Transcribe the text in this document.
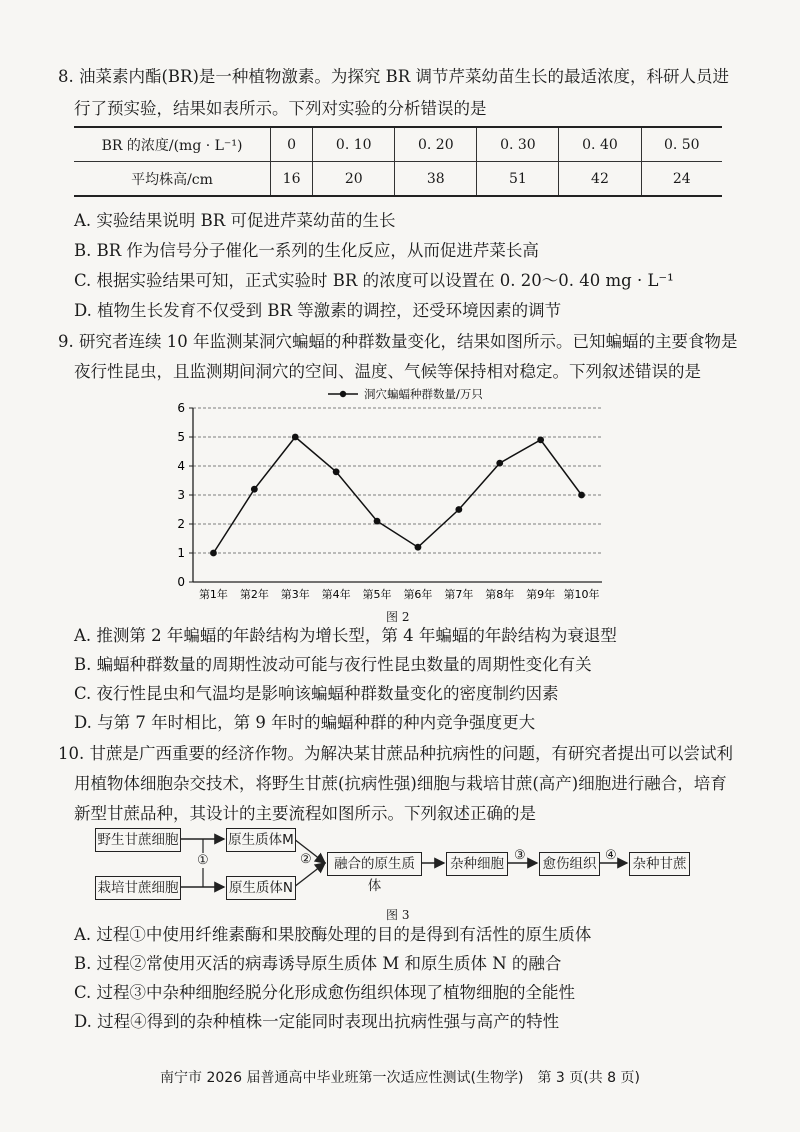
8. 油菜素内酯(BR)是一种植物激素。为探究 BR 调节芹菜幼苗生长的最适浓度，科研人员进
行了预实验，结果如表所示。下列对实验的分析错误的是
BR 的浓度/(mg · L⁻¹)	0	0. 10	0. 20	0. 30	0. 40	0. 50
平均株高/cm	16	20	38	51	42	24
A. 实验结果说明 BR 可促进芹菜幼苗的生长
B. BR 作为信号分子催化一系列的生化反应，从而促进芹菜长高
C. 根据实验结果可知，正式实验时 BR 的浓度可以设置在 0. 20～0. 40 mg · L⁻¹
D. 植物生长发育不仅受到 BR 等激素的调控，还受环境因素的调节
9. 研究者连续 10 年监测某洞穴蝙蝠的种群数量变化，结果如图所示。已知蝙蝠的主要食物是
夜行性昆虫，且监测期间洞穴的空间、温度、气候等保持相对稳定。下列叙述错误的是
0
1
2
3
4
5
6
第1年 第2年 第3年 第4年 第5年 第6年 第7年 第8年 第9年 第10年
洞穴蝙蝠种群数量/万只
图 2
A. 推测第 2 年蝙蝠的年龄结构为增长型，第 4 年蝙蝠的年龄结构为衰退型
B. 蝙蝠种群数量的周期性波动可能与夜行性昆虫数量的周期性变化有关
C. 夜行性昆虫和气温均是影响该蝙蝠种群数量变化的密度制约因素
D. 与第 7 年时相比，第 9 年时的蝙蝠种群的种内竞争强度更大
10. 甘蔗是广西重要的经济作物。为解决某甘蔗品种抗病性的问题，有研究者提出可以尝试利
用植物体细胞杂交技术，将野生甘蔗(抗病性强)细胞与栽培甘蔗(高产)细胞进行融合，培育
新型甘蔗品种，其设计的主要流程如图所示。下列叙述正确的是
野生甘蔗细胞
栽培甘蔗细胞
原生质体M
原生质体N
融合的原生质体
杂种细胞	愈伤组织	杂种甘蔗
①	②	③	④
图 3
A. 过程①中使用纤维素酶和果胶酶处理的目的是得到有活性的原生质体
B. 过程②常使用灭活的病毒诱导原生质体 M 和原生质体 N 的融合
C. 过程③中杂种细胞经脱分化形成愈伤组织体现了植物细胞的全能性
D. 过程④得到的杂种植株一定能同时表现出抗病性强与高产的特性
南宁市 2026 届普通高中毕业班第一次适应性测试(生物学)　第 3 页(共 8 页)
